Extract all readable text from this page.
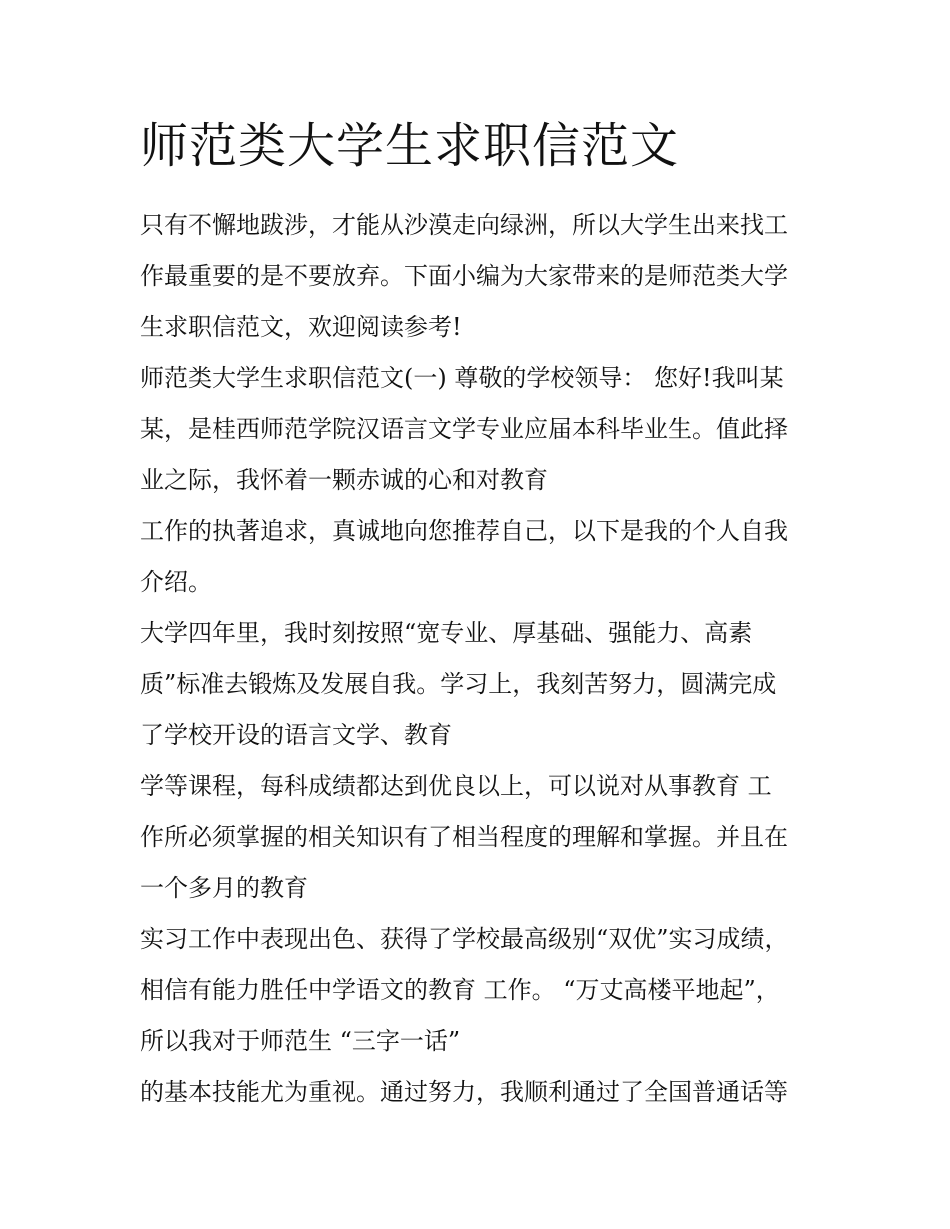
师范类大学生求职信范文

只有不懈地跋涉，才能从沙漠走向绿洲，所以大学生出来找工

作最重要的是不要放弃。下面小编为大家带来的是师范类大学

生求职信范文，欢迎阅读参考!

师范类大学生求职信范文(一) 尊敬的学校领导： 您好!我叫某

某，是桂西师范学院汉语言文学专业应届本科毕业生。值此择

业之际，我怀着一颗赤诚的心和对教育

工作的执著追求，真诚地向您推荐自己，以下是我的个人自我

介绍。

大学四年里，我时刻按照“宽专业、厚基础、强能力、高素

质”标准去锻炼及发展自我。学习上，我刻苦努力，圆满完成

了学校开设的语言文学、教育

学等课程，每科成绩都达到优良以上，可以说对从事教育 工

作所必须掌握的相关知识有了相当程度的理解和掌握。并且在

一个多月的教育

实习工作中表现出色、获得了学校最高级别“双优”实习成绩，

相信有能力胜任中学语文的教育 工作。 “万丈高楼平地起”，

所以我对于师范生 “三字一话”

的基本技能尤为重视。通过努力，我顺利通过了全国普通话等
